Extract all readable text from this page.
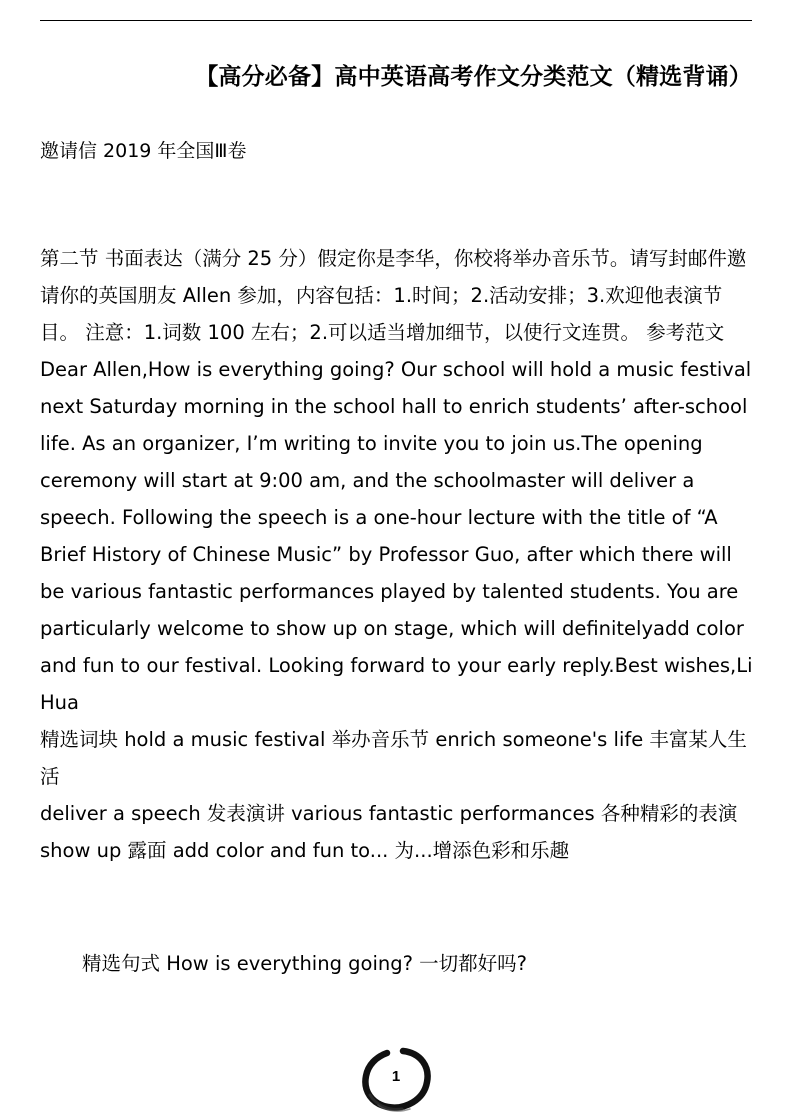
【高分必备】高中英语高考作文分类范文（精选背诵）
邀请信 2019 年全国Ⅲ卷

第二节 书面表达（满分 25 分）假定你是李华，你校将举办音乐节。请写封邮件邀请你的英国朋友 Allen 参加，内容包括：1.时间；2.活动安排；3.欢迎他表演节目。 注意：1.词数 100 左右；2.可以适当增加细节，以使行文连贯。 参考范文

Dear Allen,How is everything going? Our school will hold a music festival next Saturday morning in the school hall to enrich students’ after-school life. As an organizer, I’m writing to invite you to join us.The opening ceremony will start at 9:00 am, and the schoolmaster will deliver a speech. Following the speech is a one-hour lecture with the title of “A Brief History of Chinese Music” by Professor Guo, after which there will be various fantastic performances played by talented students. You are particularly welcome to show up on stage, which will definitelyadd color and fun to our festival. Looking forward to your early reply.Best wishes,Li Hua

精选词块 hold a music festival 举办音乐节 enrich someone's life 丰富某人生活

deliver a speech 发表演讲 various fantastic performances 各种精彩的表演 show up 露面 add color and fun to... 为...增添色彩和乐趣

精选句式 How is everything going? 一切都好吗?
1
